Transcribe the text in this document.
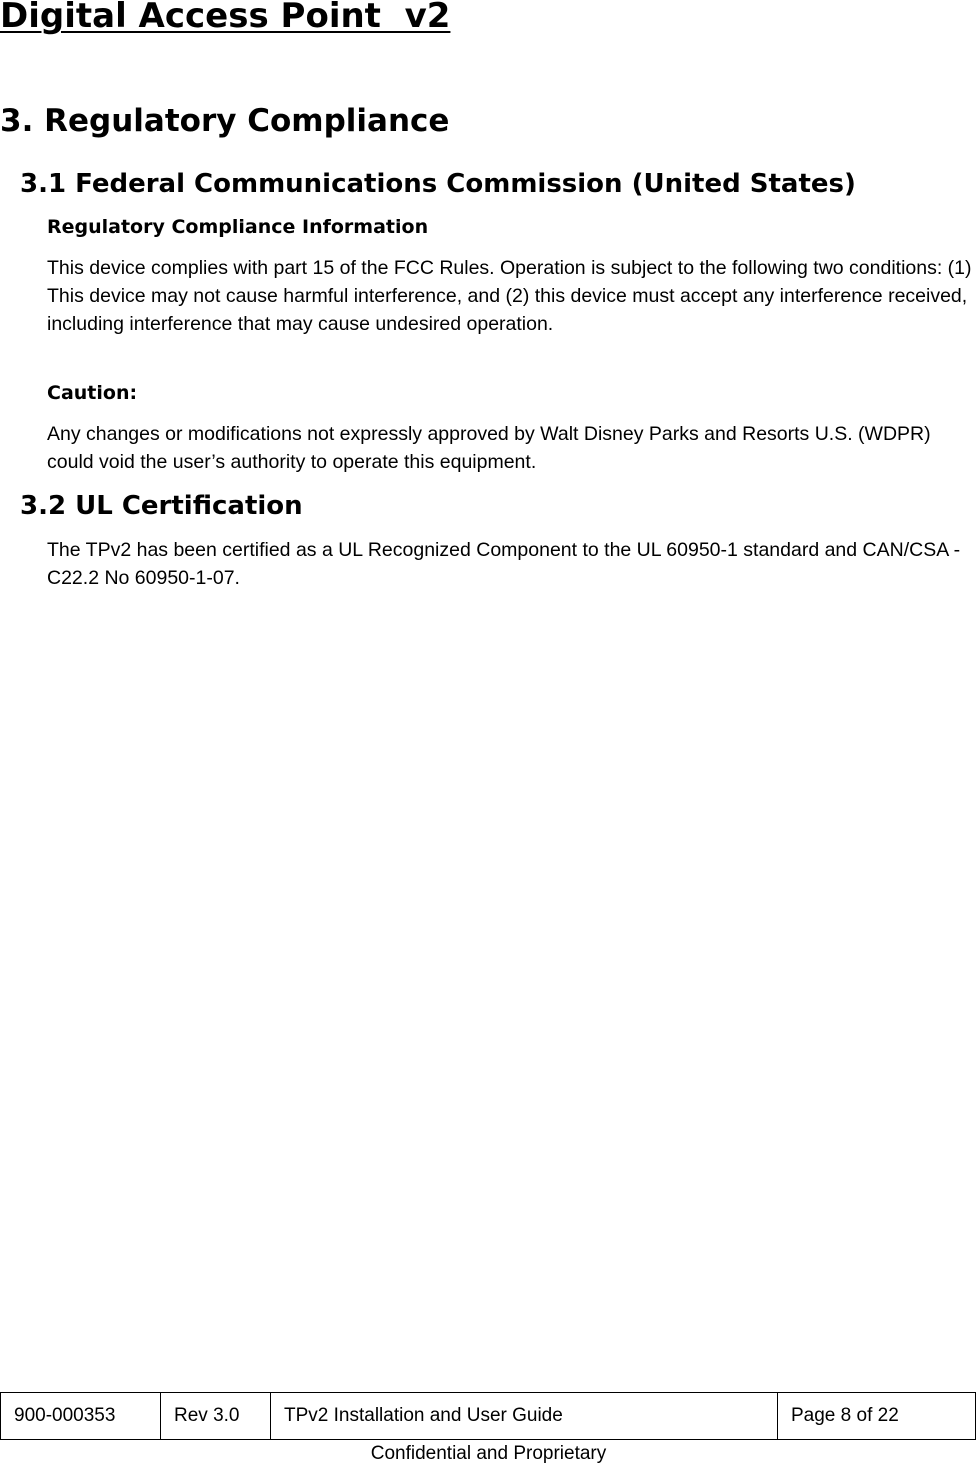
Digital Access Point  v2
3. Regulatory Compliance
3.1 Federal Communications Commission (United States)
Regulatory Compliance Information

This device complies with part 15 of the FCC Rules. Operation is subject to the following two conditions: (1) This device may not cause harmful interference, and (2) this device must accept any interference received, including interference that may cause undesired operation.

Caution:

Any changes or modifications not expressly approved by Walt Disney Parks and Resorts U.S. (WDPR) could void the user’s authority to operate this equipment.

3.2 UL Certification

The TPv2 has been certified as a UL Recognized Component to the UL 60950-1 standard and CAN/CSA - C22.2 No 60950-1-07.

900-000353	Rev 3.0	TPv2 Installation and User Guide	Page 8 of 22
Confidential and Proprietary
